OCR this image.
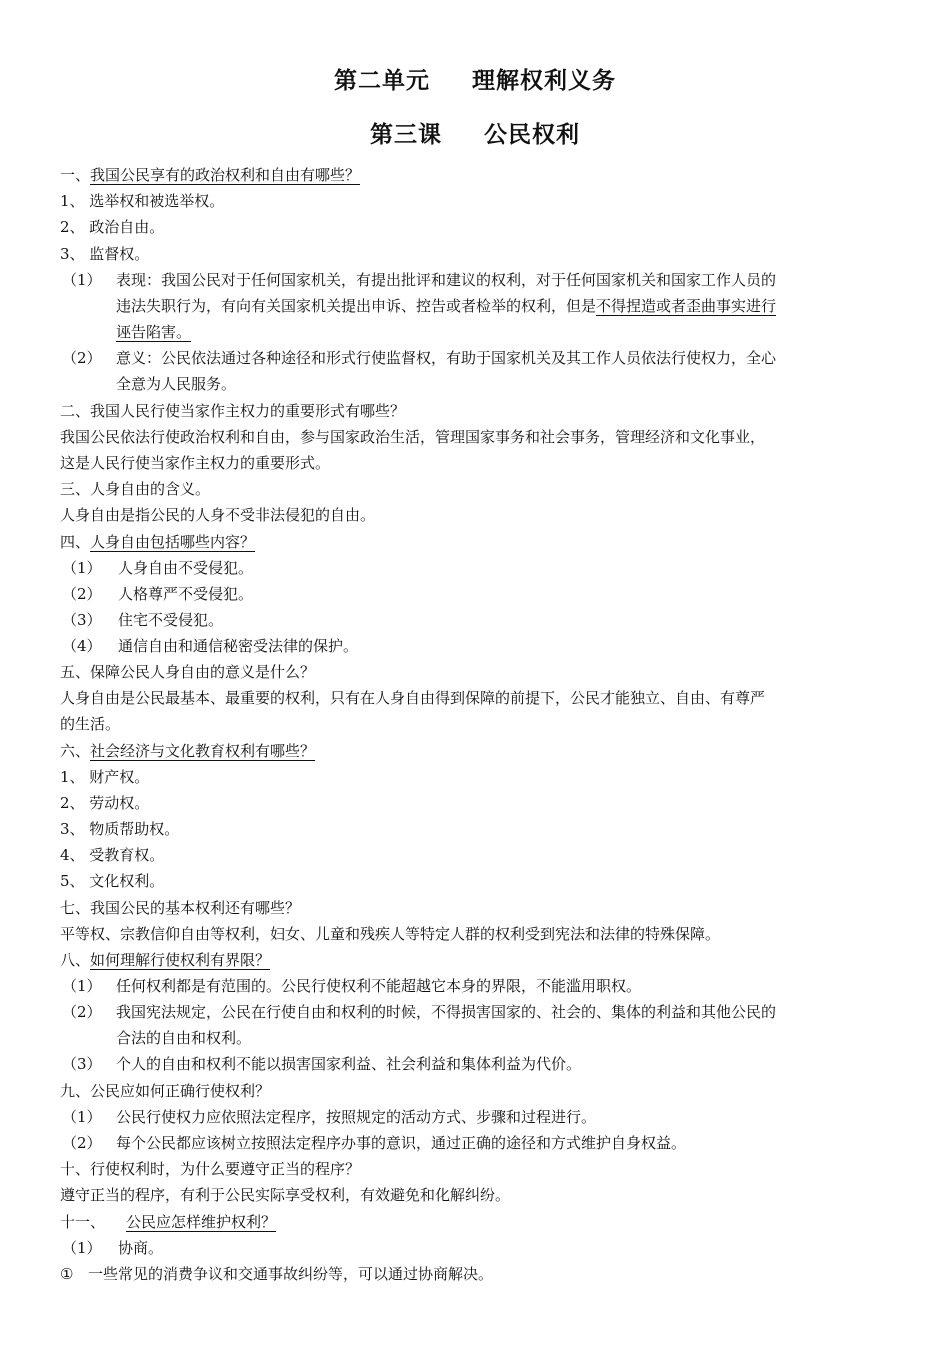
第二单元 理解权利义务
第三课 公民权利
一、我国公民享有的政治权利和自由有哪些？
1、 选举权和被选举权。
2、 政治自由。
3、 监督权。
（1） 表现：我国公民对于任何国家机关，有提出批评和建议的权利，对于任何国家机关和国家工作人员的
违法失职行为，有向有关国家机关提出申诉、控告或者检举的权利，但是不得捏造或者歪曲事实进行
诬告陷害。
（2） 意义：公民依法通过各种途径和形式行使监督权，有助于国家机关及其工作人员依法行使权力，全心
全意为人民服务。
二、我国人民行使当家作主权力的重要形式有哪些？
我国公民依法行使政治权利和自由，参与国家政治生活，管理国家事务和社会事务，管理经济和文化事业，
这是人民行使当家作主权力的重要形式。
三、人身自由的含义。
人身自由是指公民的人身不受非法侵犯的自由。
四、人身自由包括哪些内容？
（1） 人身自由不受侵犯。
（2） 人格尊严不受侵犯。
（3） 住宅不受侵犯。
（4） 通信自由和通信秘密受法律的保护。
五、保障公民人身自由的意义是什么？
人身自由是公民最基本、最重要的权利，只有在人身自由得到保障的前提下，公民才能独立、自由、有尊严
的生活。
六、社会经济与文化教育权利有哪些？
1、 财产权。
2、 劳动权。
3、 物质帮助权。
4、 受教育权。
5、 文化权利。
七、我国公民的基本权利还有哪些？
平等权、宗教信仰自由等权利，妇女、儿童和残疾人等特定人群的权利受到宪法和法律的特殊保障。
八、如何理解行使权利有界限？
（1） 任何权利都是有范围的。公民行使权利不能超越它本身的界限，不能滥用职权。
（2） 我国宪法规定，公民在行使自由和权利的时候，不得损害国家的、社会的、集体的利益和其他公民的
合法的自由和权利。
（3） 个人的自由和权利不能以损害国家利益、社会利益和集体利益为代价。
九、公民应如何正确行使权利？
（1） 公民行使权力应依照法定程序，按照规定的活动方式、步骤和过程进行。
（2） 每个公民都应该树立按照法定程序办事的意识，通过正确的途径和方式维护自身权益。
十、行使权利时，为什么要遵守正当的程序？
遵守正当的程序，有利于公民实际享受权利，有效避免和化解纠纷。
十一、 公民应怎样维护权利？
（1） 协商。
① 一些常见的消费争议和交通事故纠纷等，可以通过协商解决。
